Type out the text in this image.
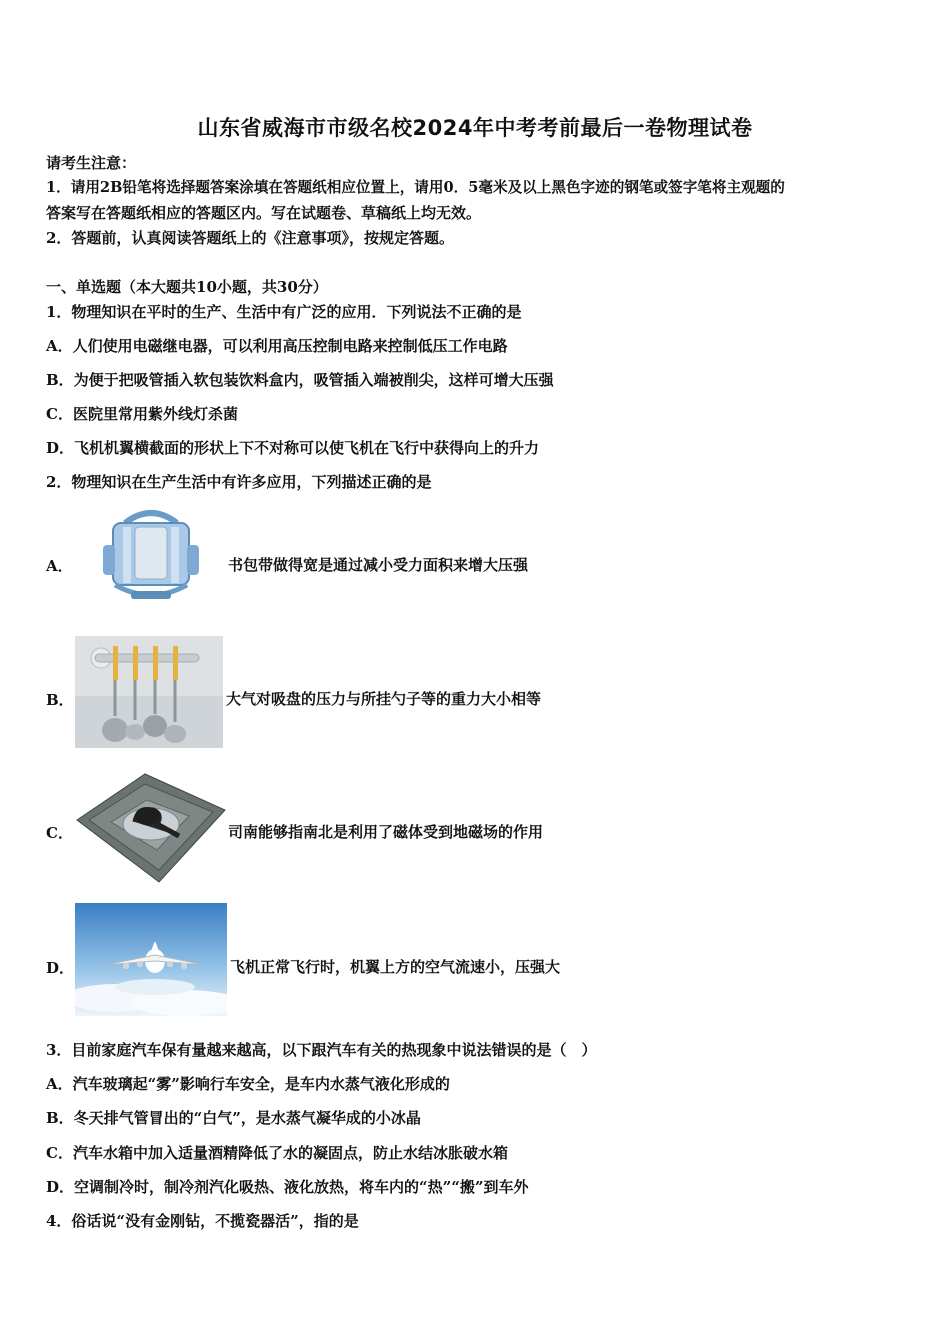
山东省威海市市级名校2024年中考考前最后一卷物理试卷
请考生注意：
1．请用2B铅笔将选择题答案涂填在答题纸相应位置上，请用0．5毫米及以上黑色字迹的钢笔或签字笔将主观题的
答案写在答题纸相应的答题区内。写在试题卷、草稿纸上均无效。
2．答题前，认真阅读答题纸上的《注意事项》，按规定答题。
一、单选题（本大题共10小题，共30分）
1．物理知识在平时的生产、生活中有广泛的应用．下列说法不正确的是
A．人们使用电磁继电器，可以利用高压控制电路来控制低压工作电路
B．为便于把吸管插入软包装饮料盒内，吸管插入端被削尖，这样可增大压强
C．医院里常用紫外线灯杀菌
D．飞机机翼横截面的形状上下不对称可以使飞机在飞行中获得向上的升力
2．物理知识在生产生活中有许多应用，下列描述正确的是
A．	书包带做得宽是通过减小受力面积来增大压强
B．	大气对吸盘的压力与所挂勺子等的重力大小相等
C．	司南能够指南北是利用了磁体受到地磁场的作用
D．	飞机正常飞行时，机翼上方的空气流速小，压强大
3．目前家庭汽车保有量越来越高，以下跟汽车有关的热现象中说法错误的是（　）
A．汽车玻璃起“雾”影响行车安全，是车内水蒸气液化形成的
B．冬天排气管冒出的“白气”，是水蒸气凝华成的小冰晶
C．汽车水箱中加入适量酒精降低了水的凝固点，防止水结冰胀破水箱
D．空调制冷时，制冷剂汽化吸热、液化放热，将车内的“热”“搬”到车外
4．俗话说“没有金刚钻，不揽瓷器活”，指的是
